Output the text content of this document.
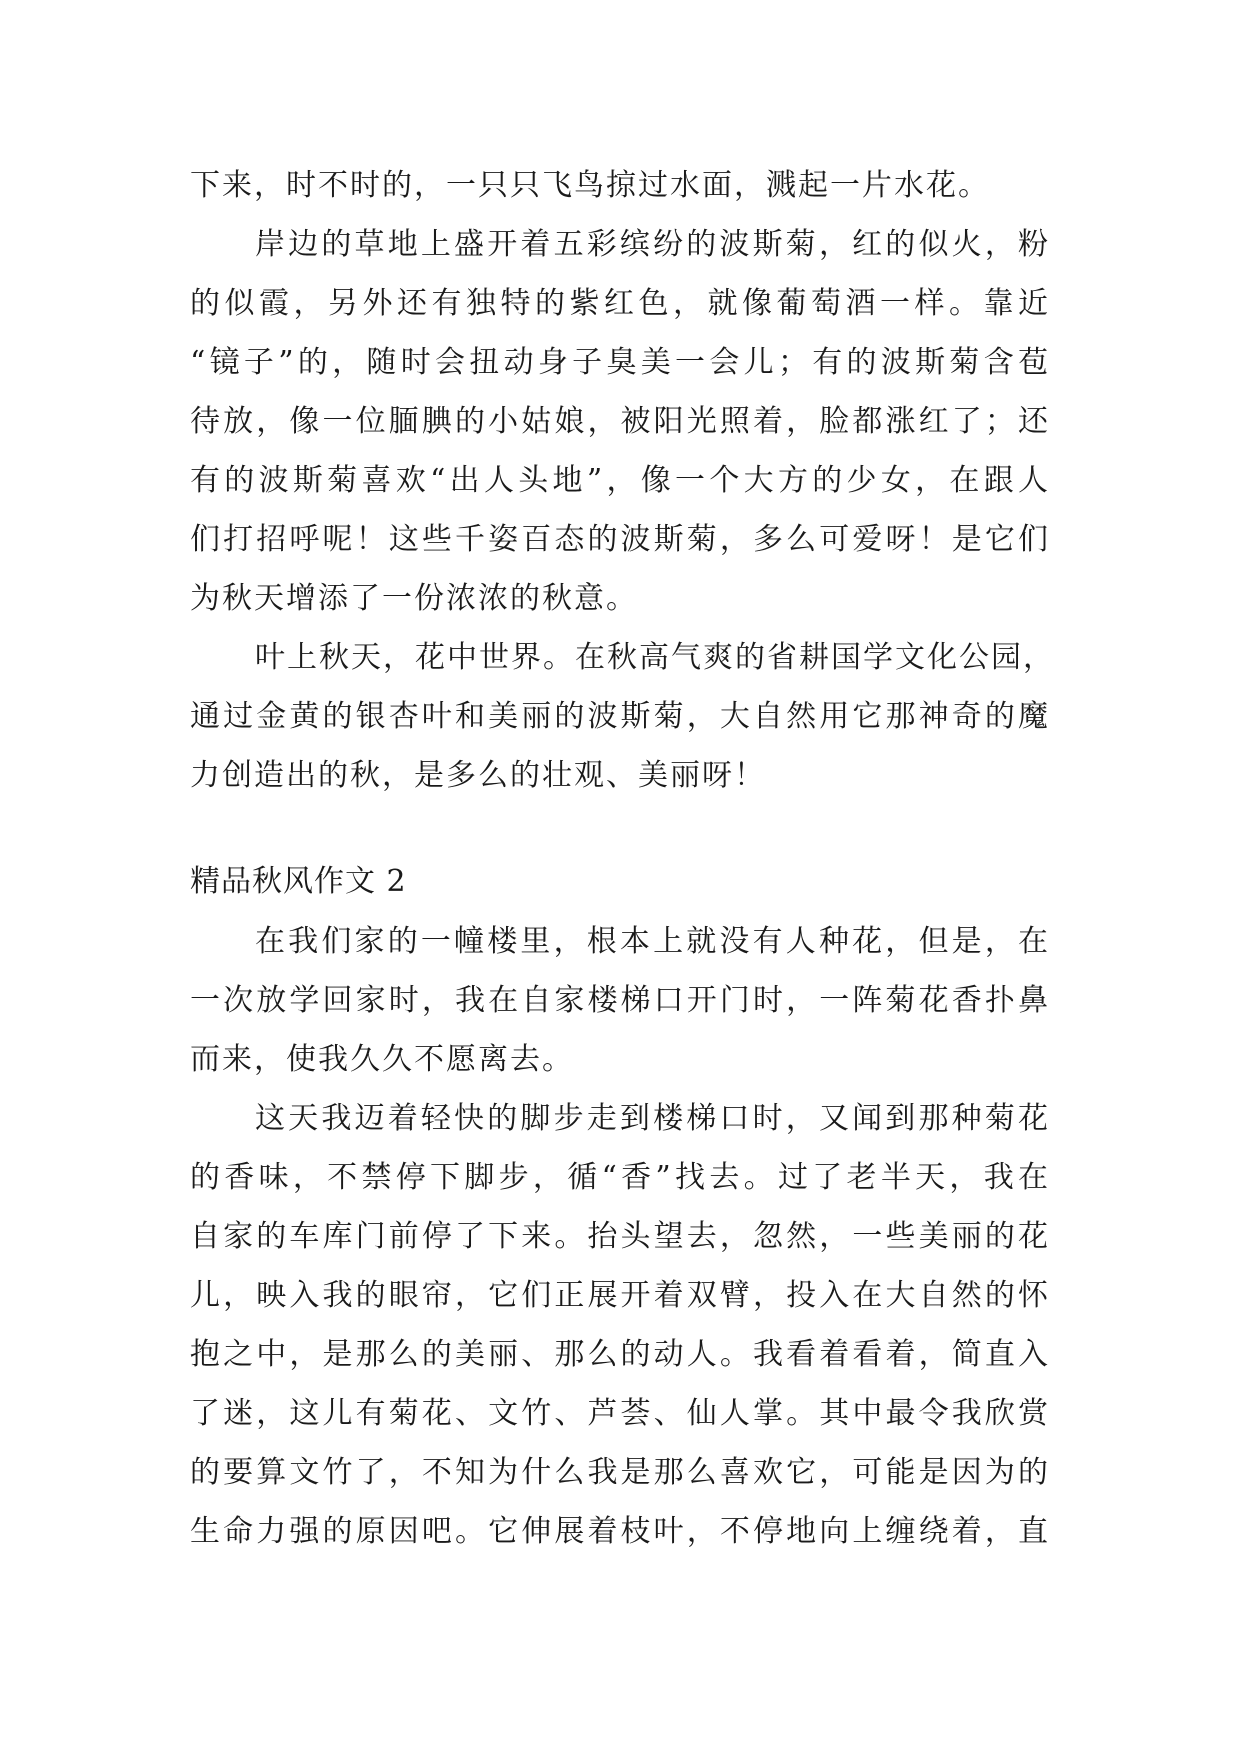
下来，时不时的，一只只飞鸟掠过水面，溅起一片水花。
岸边的草地上盛开着五彩缤纷的波斯菊，红的似火，粉
的似霞，另外还有独特的紫红色，就像葡萄酒一样。靠近
“镜子”的，随时会扭动身子臭美一会儿；有的波斯菊含苞
待放，像一位腼腆的小姑娘，被阳光照着，脸都涨红了；还
有的波斯菊喜欢“出人头地”，像一个大方的少女，在跟人
们打招呼呢！这些千姿百态的波斯菊，多么可爱呀！是它们
为秋天增添了一份浓浓的秋意。
叶上秋天，花中世界。在秋高气爽的省耕国学文化公园，
通过金黄的银杏叶和美丽的波斯菊，大自然用它那神奇的魔
力创造出的秋，是多么的壮观、美丽呀！
精品秋风作文 2
在我们家的一幢楼里，根本上就没有人种花，但是，在
一次放学回家时，我在自家楼梯口开门时，一阵菊花香扑鼻
而来，使我久久不愿离去。
这天我迈着轻快的脚步走到楼梯口时，又闻到那种菊花
的香味，不禁停下脚步，循“香”找去。过了老半天，我在
自家的车库门前停了下来。抬头望去，忽然，一些美丽的花
儿，映入我的眼帘，它们正展开着双臂，投入在大自然的怀
抱之中，是那么的美丽、那么的动人。我看着看着，简直入
了迷，这儿有菊花、文竹、芦荟、仙人掌。其中最令我欣赏
的要算文竹了，不知为什么我是那么喜欢它，可能是因为的
生命力强的原因吧。它伸展着枝叶，不停地向上缠绕着，直
